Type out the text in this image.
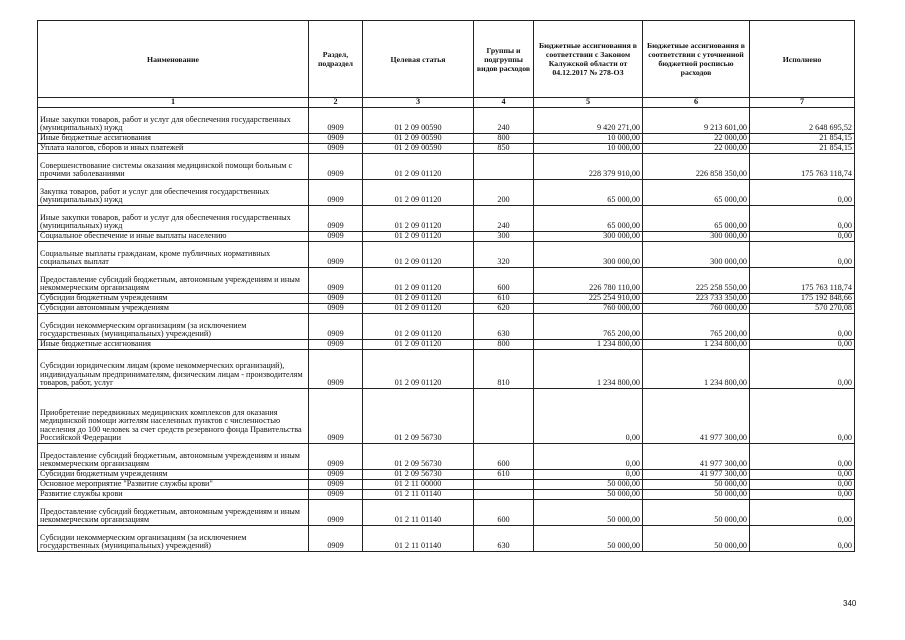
Наименование	Раздел, подраздел	Целевая статья	Группы и подгруппы видов расходов	Бюджетные ассигнования в соответствии с Законом Калужской области от 04.12.2017 № 278-ОЗ	Бюджетные ассигнования в соответствии с уточненной бюджетной росписью расходов	Исполнено
1	2	3	4	5	6	7
Иные закупки товаров, работ и услуг для обеспечения государственных (муниципальных) нужд	0909	01 2 09 00590	240	9 420 271,00	9 213 601,00	2 648 695,52
Иные бюджетные ассигнования	0909	01 2 09 00590	800	10 000,00	22 000,00	21 854,15
Уплата налогов, сборов и иных платежей	0909	01 2 09 00590	850	10 000,00	22 000,00	21 854,15
Совершенствование системы оказания медицинской помощи больным с прочими заболеваниями	0909	01 2 09 01120		228 379 910,00	226 858 350,00	175 763 118,74
Закупка товаров, работ и услуг для обеспечения государственных (муниципальных) нужд	0909	01 2 09 01120	200	65 000,00	65 000,00	0,00
Иные закупки товаров, работ и услуг для обеспечения государственных (муниципальных) нужд	0909	01 2 09 01120	240	65 000,00	65 000,00	0,00
Социальное обеспечение и иные выплаты населению	0909	01 2 09 01120	300	300 000,00	300 000,00	0,00
Социальные выплаты гражданам, кроме публичных нормативных социальных выплат	0909	01 2 09 01120	320	300 000,00	300 000,00	0,00
Предоставление субсидий бюджетным, автономным учреждениям и иным некоммерческим организациям	0909	01 2 09 01120	600	226 780 110,00	225 258 550,00	175 763 118,74
Субсидии бюджетным учреждениям	0909	01 2 09 01120	610	225 254 910,00	223 733 350,00	175 192 848,66
Субсидии автономным учреждениям	0909	01 2 09 01120	620	760 000,00	760 000,00	570 270,08
Субсидии некоммерческим организациям (за исключением государственных (муниципальных) учреждений)	0909	01 2 09 01120	630	765 200,00	765 200,00	0,00
Иные бюджетные ассигнования	0909	01 2 09 01120	800	1 234 800,00	1 234 800,00	0,00
Субсидии юридическим лицам (кроме некоммерческих организаций), индивидуальным предпринимателям, физическим лицам - производителям товаров, работ, услуг	0909	01 2 09 01120	810	1 234 800,00	1 234 800,00	0,00
Приобретение передвижных медицинских комплексов для оказания медицинской помощи жителям населенных пунктов с численностью населения до 100 человек за счет средств резервного фонда Правительства Российской Федерации	0909	01 2 09 56730		0,00	41 977 300,00	0,00
Предоставление субсидий бюджетным, автономным учреждениям и иным некоммерческим организациям	0909	01 2 09 56730	600	0,00	41 977 300,00	0,00
Субсидии бюджетным учреждениям	0909	01 2 09 56730	610	0,00	41 977 300,00	0,00
Основное мероприятие "Развитие службы крови"	0909	01 2 11 00000		50 000,00	50 000,00	0,00
Развитие службы крови	0909	01 2 11 01140		50 000,00	50 000,00	0,00
Предоставление субсидий бюджетным, автономным учреждениям и иным некоммерческим организациям	0909	01 2 11 01140	600	50 000,00	50 000,00	0,00
Субсидии некоммерческим организациям (за исключением государственных (муниципальных) учреждений)	0909	01 2 11 01140	630	50 000,00	50 000,00	0,00
340
